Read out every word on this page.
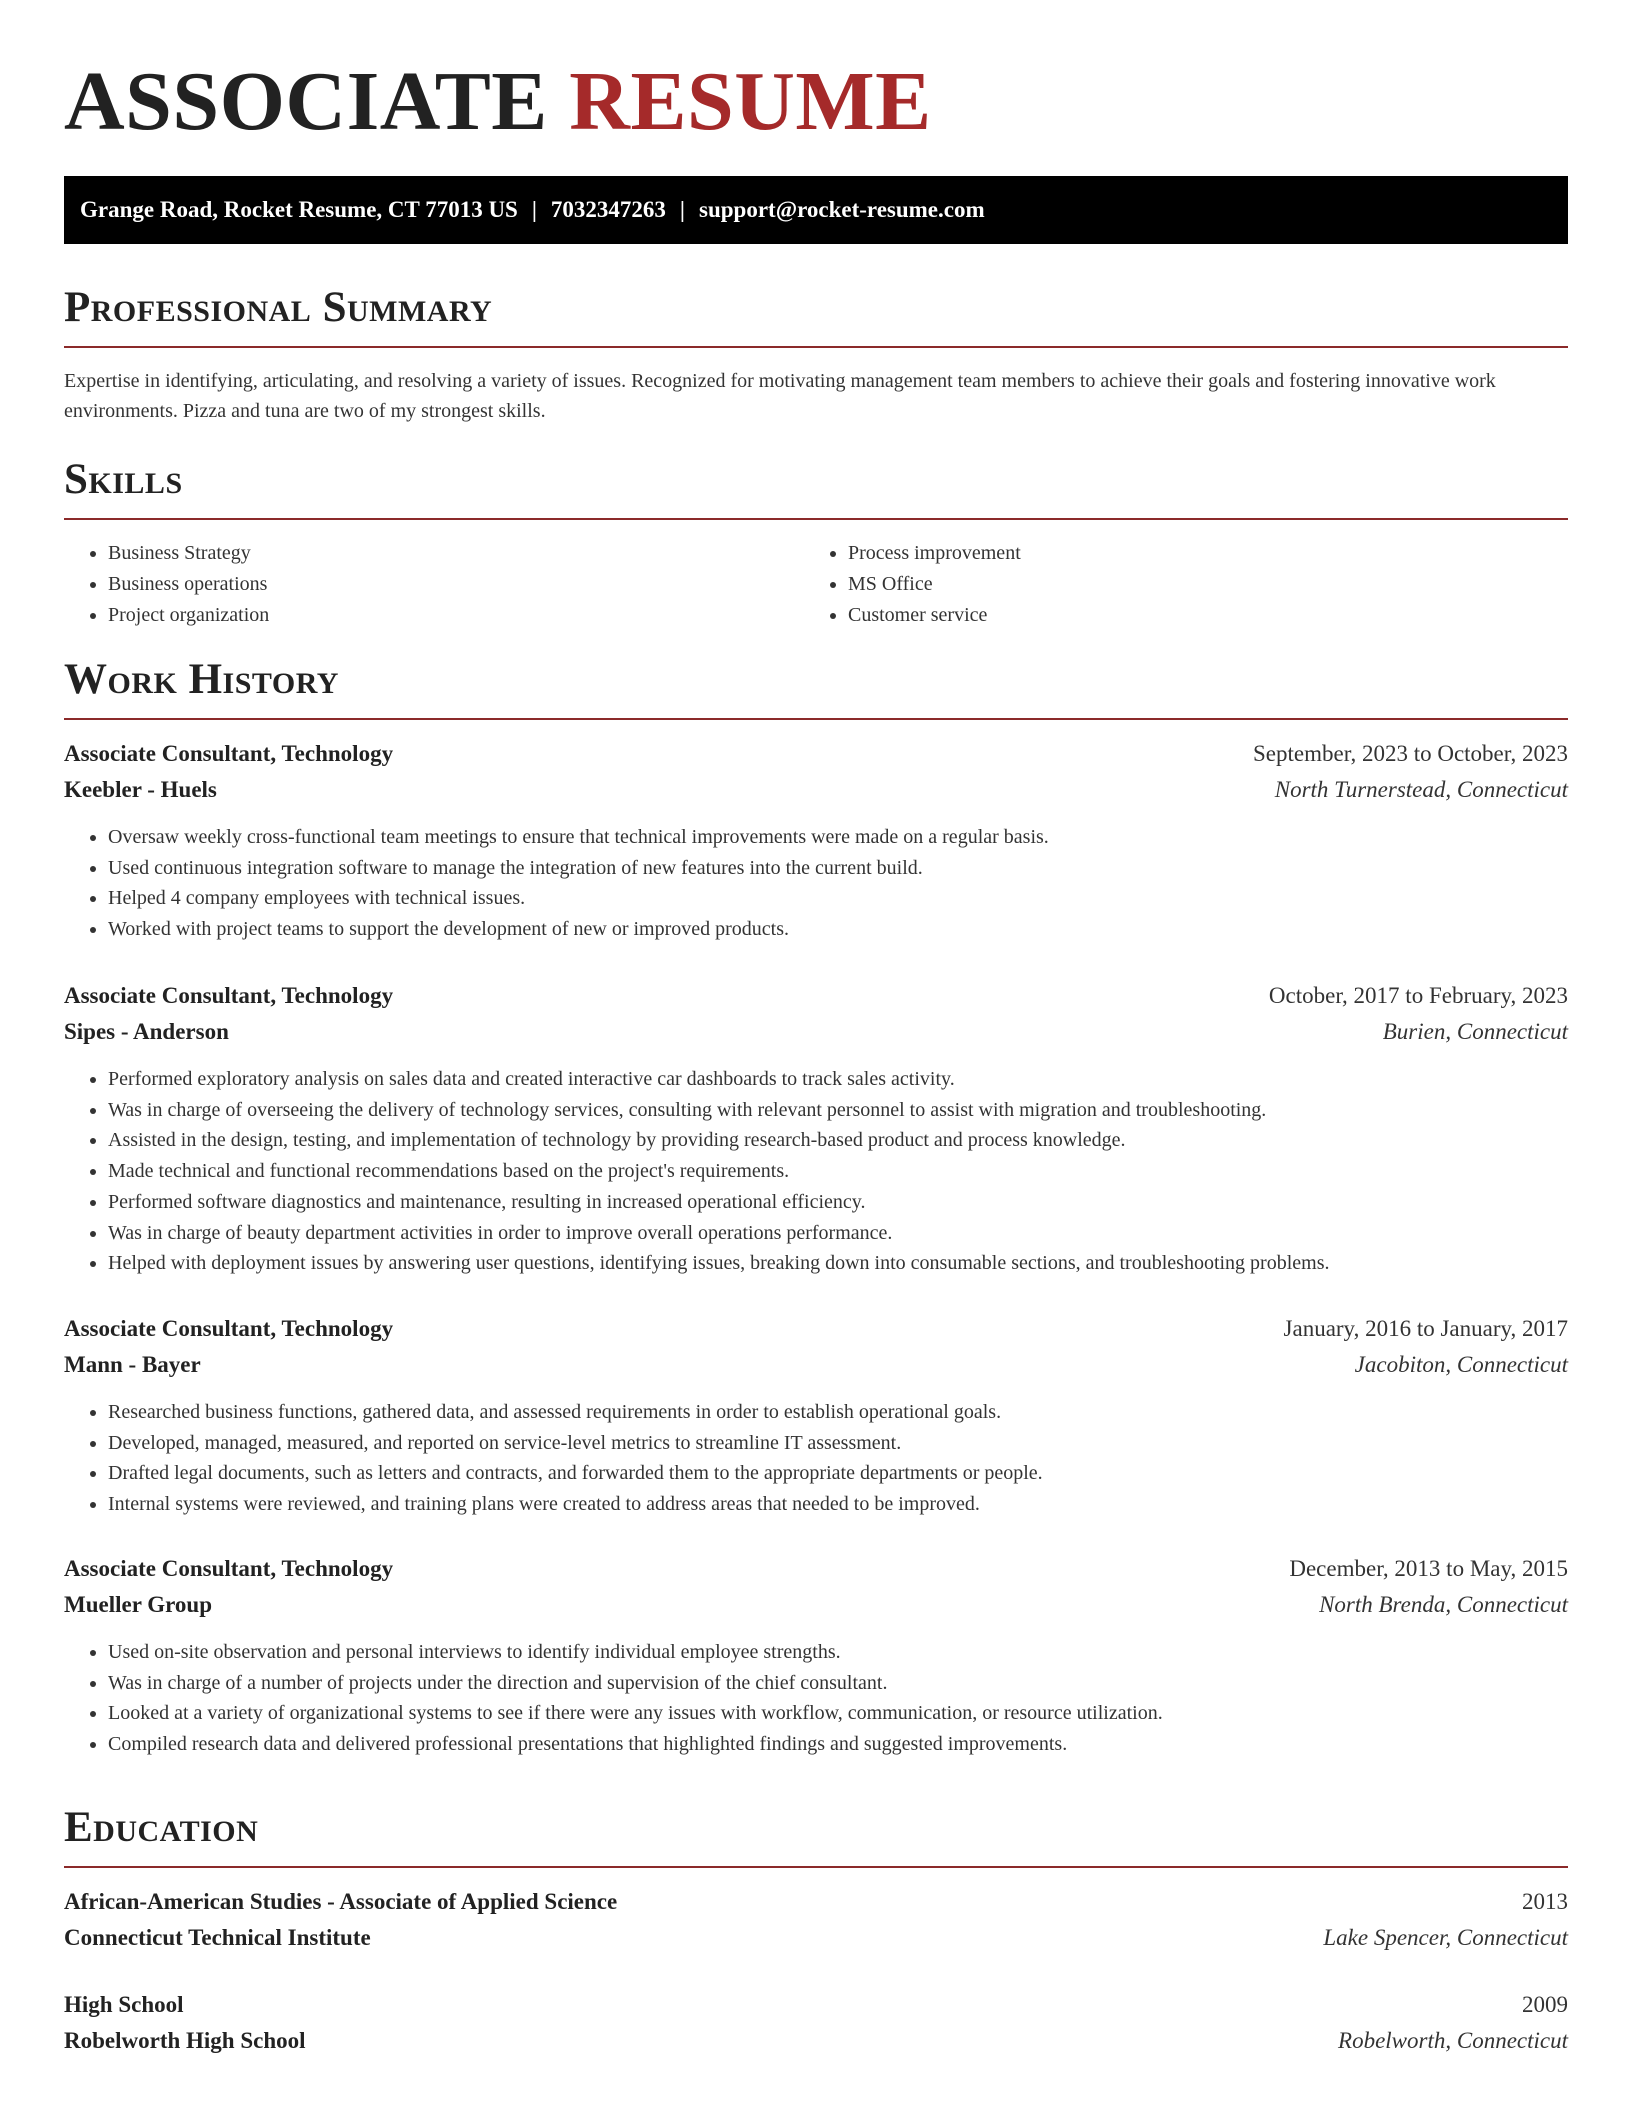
ASSOCIATE RESUME
Grange Road, Rocket Resume, CT 77013 US | 7032347263 | support@rocket-resume.com
Professional Summary

Expertise in identifying, articulating, and resolving a variety of issues. Recognized for motivating management team members to achieve their goals and fostering innovative work environments. Pizza and tuna are two of my strongest skills.

Skills
• Business Strategy
• Business operations
• Project organization
• Process improvement
• MS Office
• Customer service
Work History
Associate Consultant, Technology	September, 2023 to October, 2023
Keebler - Huels	North Turnerstead, Connecticut
• Oversaw weekly cross-functional team meetings to ensure that technical improvements were made on a regular basis.
• Used continuous integration software to manage the integration of new features into the current build.
• Helped 4 company employees with technical issues.
• Worked with project teams to support the development of new or improved products.
Associate Consultant, Technology	October, 2017 to February, 2023
Sipes - Anderson	Burien, Connecticut
• Performed exploratory analysis on sales data and created interactive car dashboards to track sales activity.
• Was in charge of overseeing the delivery of technology services, consulting with relevant personnel to assist with migration and troubleshooting.
• Assisted in the design, testing, and implementation of technology by providing research-based product and process knowledge.
• Made technical and functional recommendations based on the project's requirements.
• Performed software diagnostics and maintenance, resulting in increased operational efficiency.
• Was in charge of beauty department activities in order to improve overall operations performance.
• Helped with deployment issues by answering user questions, identifying issues, breaking down into consumable sections, and troubleshooting problems.
Associate Consultant, Technology	January, 2016 to January, 2017
Mann - Bayer	Jacobiton, Connecticut
• Researched business functions, gathered data, and assessed requirements in order to establish operational goals.
• Developed, managed, measured, and reported on service-level metrics to streamline IT assessment.
• Drafted legal documents, such as letters and contracts, and forwarded them to the appropriate departments or people.
• Internal systems were reviewed, and training plans were created to address areas that needed to be improved.
Associate Consultant, Technology	December, 2013 to May, 2015
Mueller Group	North Brenda, Connecticut
• Used on-site observation and personal interviews to identify individual employee strengths.
• Was in charge of a number of projects under the direction and supervision of the chief consultant.
• Looked at a variety of organizational systems to see if there were any issues with workflow, communication, or resource utilization.
• Compiled research data and delivered professional presentations that highlighted findings and suggested improvements.
Education
African-American Studies - Associate of Applied Science	2013
Connecticut Technical Institute	Lake Spencer, Connecticut
High School	2009
Robelworth High School	Robelworth, Connecticut
